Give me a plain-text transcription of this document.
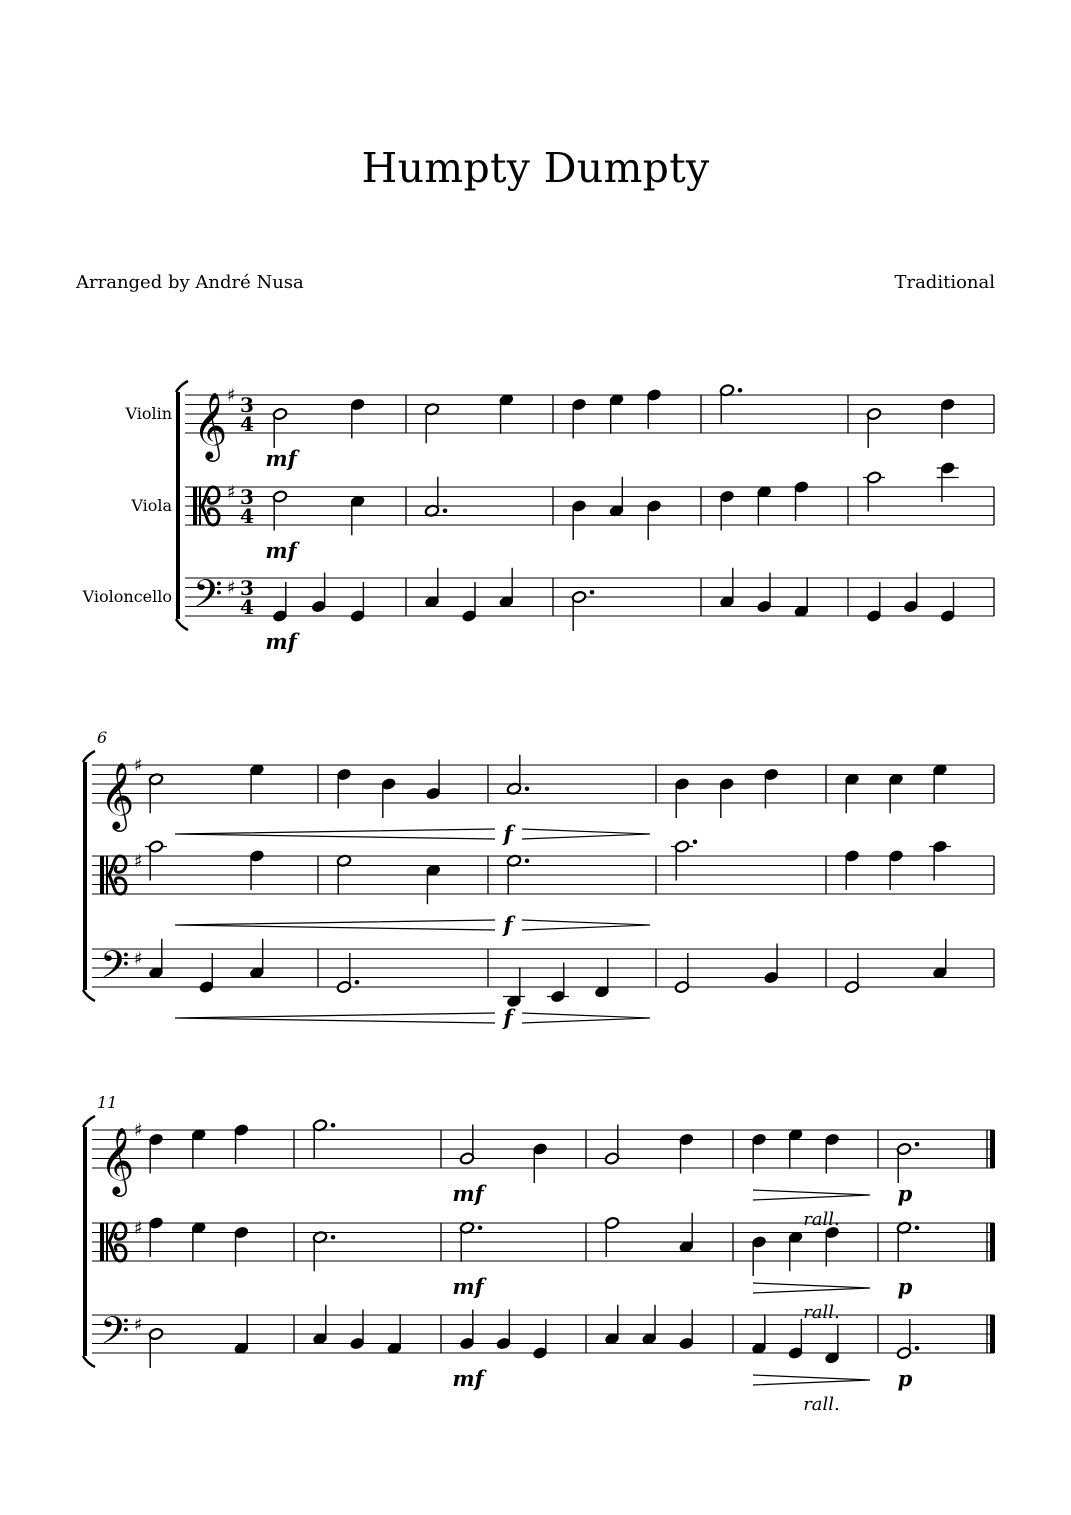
Humpty Dumpty
Arranged by André Nusa	Traditional
Violin 𝄞 ♯ 3
4
Viola
♯ 3
4
Violoncello 𝄢 ♯ 3
4
mf
mf
mf
6
𝄞 ♯
♯
𝄢 ♯
f
f
f
11
𝄞 ♯
♯
𝄢 ♯
mf
mf
mf
rall.
rall.
rall.
p
p
p
